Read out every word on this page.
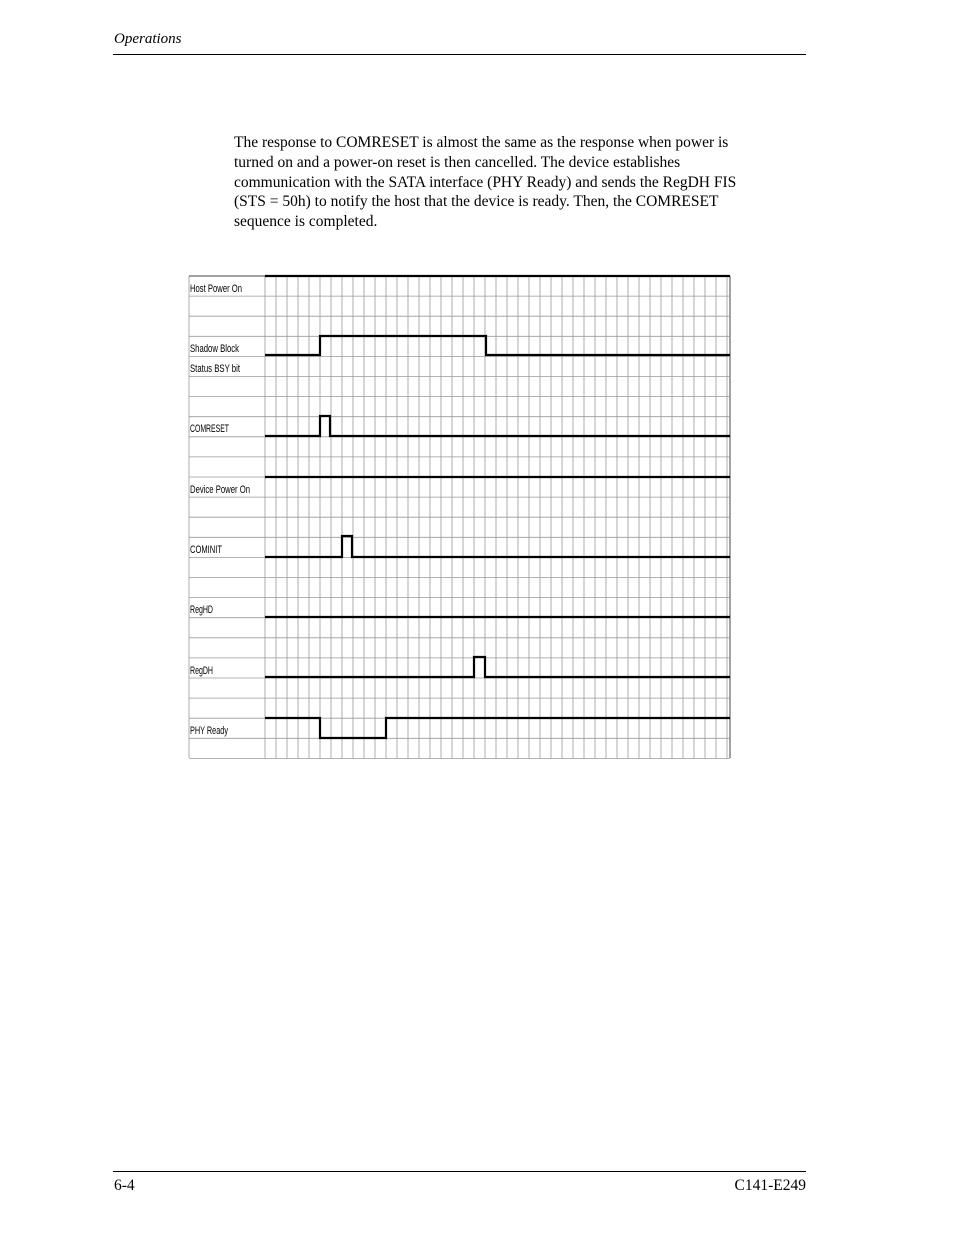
Operations

The response to COMRESET is almost the same as the response when power is
turned on and a power-on reset is then cancelled. The device establishes
communication with the SATA interface (PHY Ready) and sends the RegDH FIS
(STS = 50h) to notify the host that the device is ready. Then, the COMRESET
sequence is completed.

Host Power On
Shadow Block
Status BSY bit
COMRESET
Device Power On
COMINIT
RegHD
RegDH
PHY Ready
6-4	C141-E249
